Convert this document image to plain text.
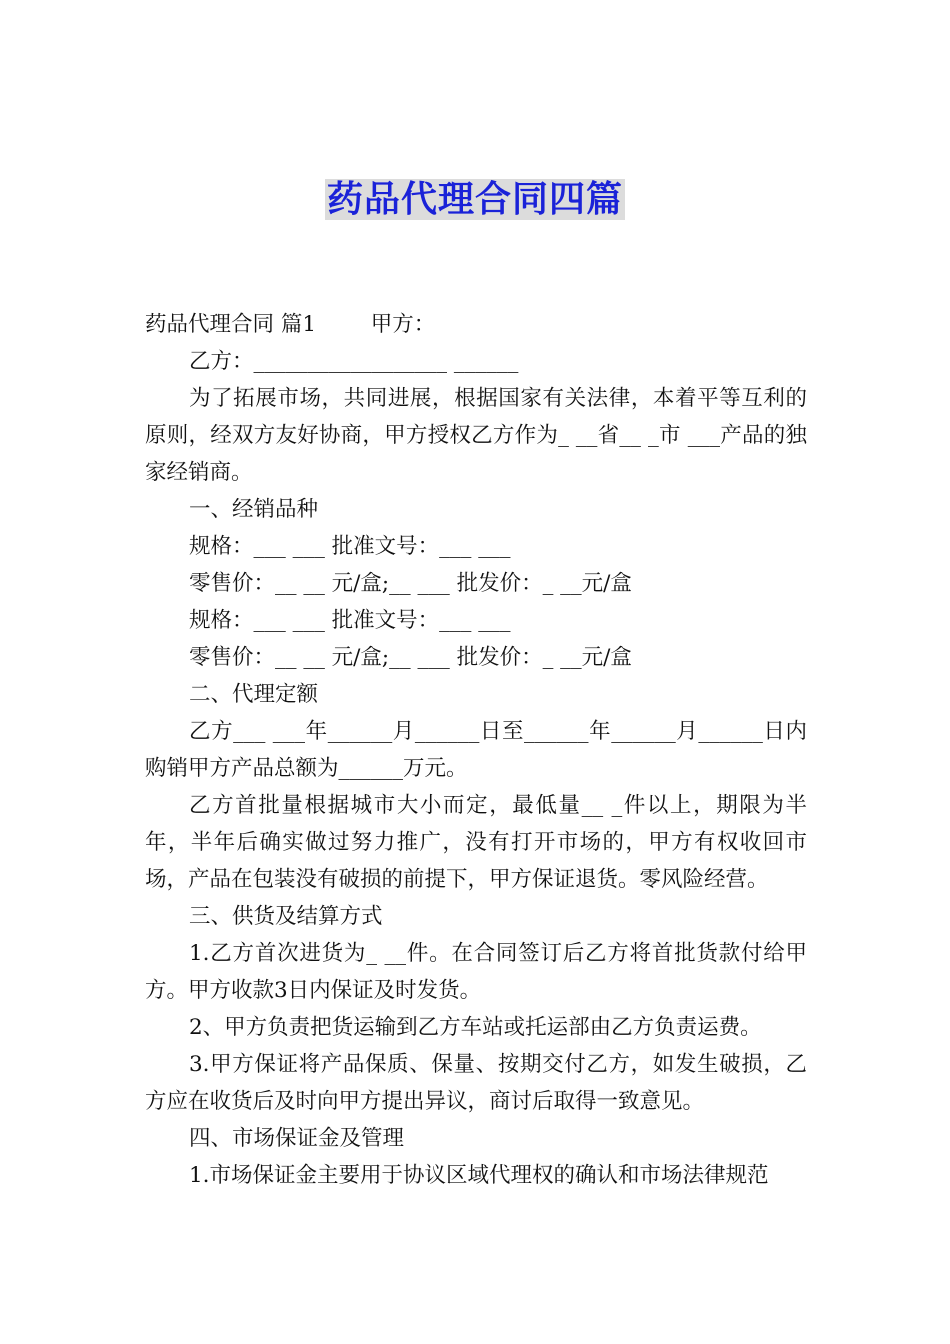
药品代理合同四篇

药品代理合同 篇1	甲方：

乙方：__________________ ______

为了拓展市场，共同进展，根据国家有关法律，本着平等互利的原则，经双方友好协商，甲方授权乙方作为_ __省__ _市 ___产品的独家经销商。

一、经销品种

规格：___ ___ 批准文号：___ ___

零售价：__ __ 元/盒;__ ___ 批发价：_ __元/盒

规格：___ ___ 批准文号：___ ___

零售价：__ __ 元/盒;__ ___ 批发价：_ __元/盒

二、代理定额

乙方___ ___年______月______日至______年______月______日内购销甲方产品总额为______万元。

乙方首批量根据城市大小而定，最低量__ _件以上，期限为半年，半年后确实做过努力推广，没有打开市场的，甲方有权收回市场，产品在包装没有破损的前提下，甲方保证退货。零风险经营。

三、供货及结算方式

1.乙方首次进货为_ __件。在合同签订后乙方将首批货款付给甲方。甲方收款3日内保证及时发货。

2、甲方负责把货运输到乙方车站或托运部由乙方负责运费。

3.甲方保证将产品保质、保量、按期交付乙方，如发生破损，乙方应在收货后及时向甲方提出异议，商讨后取得一致意见。

四、市场保证金及管理

1.市场保证金主要用于协议区域代理权的确认和市场法律规范
